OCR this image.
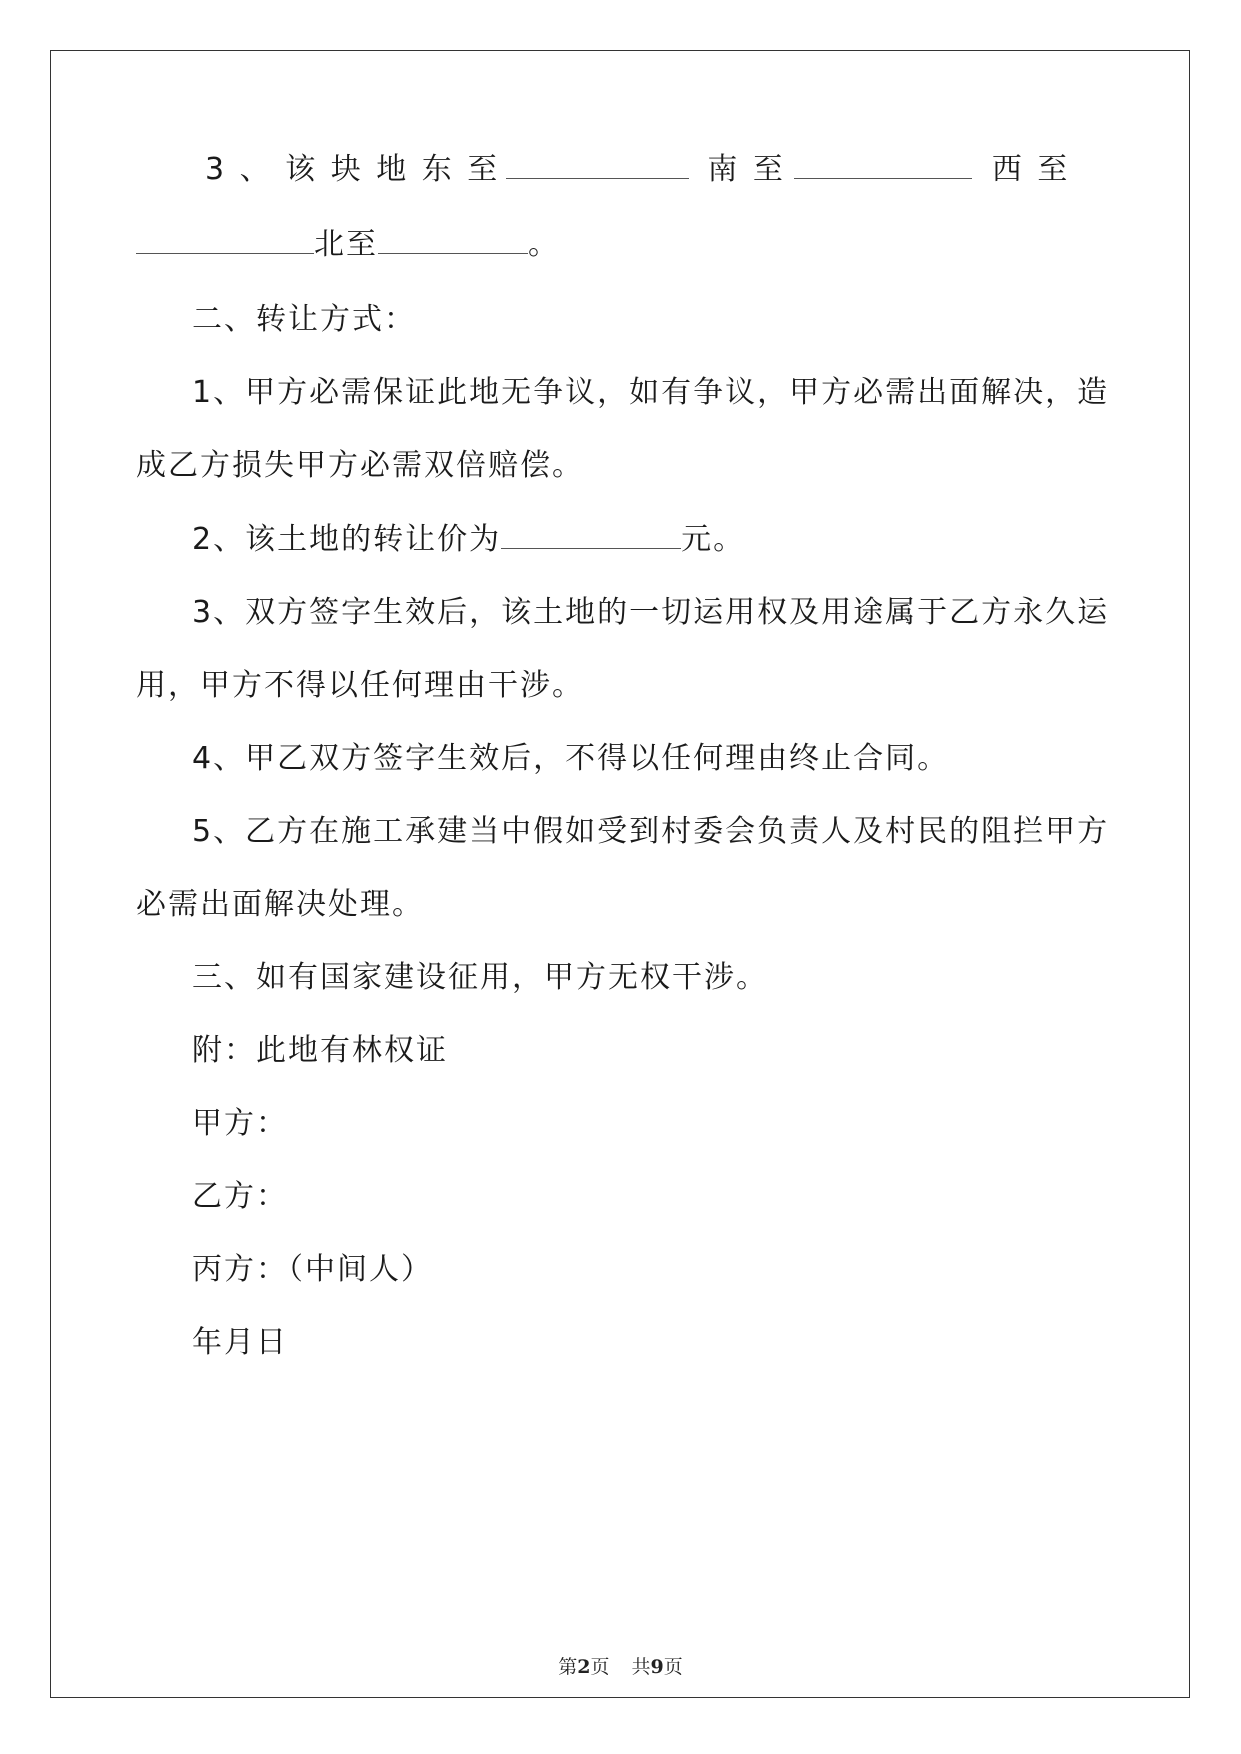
3 、 该 块 地 东 至	南 至	西 至
北至	。
二、转让方式：
1、甲方必需保证此地无争议，如有争议，甲方必需出面解决，造
成乙方损失甲方必需双倍赔偿。
2、该土地的转让价为	元。
3、双方签字生效后，该土地的一切运用权及用途属于乙方永久运
用，甲方不得以任何理由干涉。
4、甲乙双方签字生效后，不得以任何理由终止合同。
5、乙方在施工承建当中假如受到村委会负责人及村民的阻拦甲方
必需出面解决处理。
三、如有国家建设征用，甲方无权干涉。
附：此地有林权证
甲方：
乙方：
丙方：（中间人）
年月日
第2页 共9页
